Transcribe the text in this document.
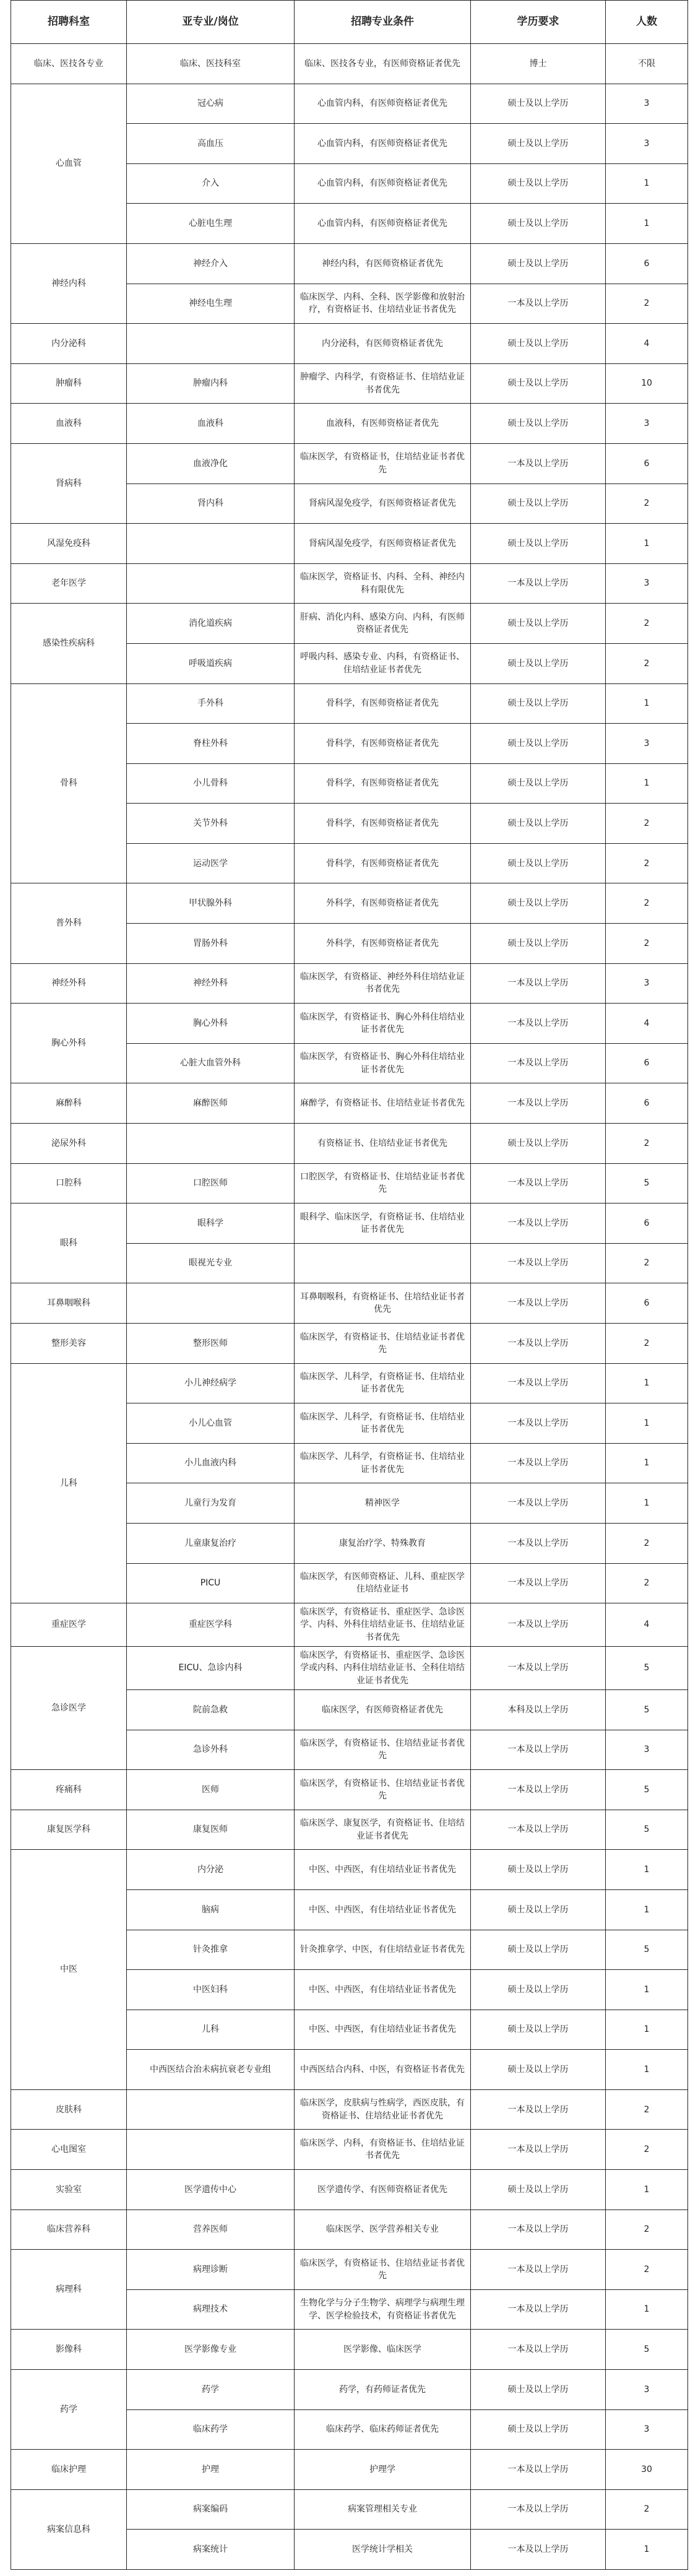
招聘科室	亚专业/岗位	招聘专业条件	学历要求	人数
临床、医技各专业	临床、医技科室	临床、医技各专业，有医师资格证者优先	博士	不限
心血管	冠心病	心血管内科，有医师资格证者优先	硕士及以上学历	3
	高血压	心血管内科，有医师资格证者优先	硕士及以上学历	3
	介入	心血管内科，有医师资格证者优先	硕士及以上学历	1
	心脏电生理	心血管内科，有医师资格证者优先	硕士及以上学历	1
神经内科	神经介入	神经内科，有医师资格证者优先	硕士及以上学历	6
	神经电生理	临床医学、内科、全科、医学影像和放射治疗，有资格证书、住培结业证书者优先	一本及以上学历	2
内分泌科		内分泌科，有医师资格证者优先	硕士及以上学历	4
肿瘤科	肿瘤内科	肿瘤学、内科学，有资格证书、住培结业证书者优先	硕士及以上学历	10
血液科	血液科	血液科，有医师资格证者优先	硕士及以上学历	3
肾病科	血液净化	临床医学，有资格证书，住培结业证书者优先	一本及以上学历	6
	肾内科	肾病风湿免疫学，有医师资格证者优先	硕士及以上学历	2
风湿免疫科		肾病风湿免疫学，有医师资格证者优先	硕士及以上学历	1
老年医学		临床医学，资格证书、内科、全科、神经内科有限优先	一本及以上学历	3
感染性疾病科	消化道疾病	肝病、消化内科、感染方向、内科，有医师资格证者优先	硕士及以上学历	2
	呼吸道疾病	呼吸内科、感染专业、内科，有资格证书、住培结业证书者优先	硕士及以上学历	2
骨科	手外科	骨科学，有医师资格证者优先	硕士及以上学历	1
	脊柱外科	骨科学，有医师资格证者优先	硕士及以上学历	3
	小儿骨科	骨科学，有医师资格证者优先	硕士及以上学历	1
	关节外科	骨科学，有医师资格证者优先	硕士及以上学历	2
	运动医学	骨科学，有医师资格证者优先	硕士及以上学历	2
普外科	甲状腺外科	外科学，有医师资格证者优先	硕士及以上学历	2
	胃肠外科	外科学，有医师资格证者优先	硕士及以上学历	2
神经外科	神经外科	临床医学，有资格证、神经外科住培结业证书者优先	一本及以上学历	3
胸心外科	胸心外科	临床医学，有资格证书、胸心外科住培结业证书者优先	一本及以上学历	4
	心脏大血管外科	临床医学，有资格证书、胸心外科住培结业证书者优先	一本及以上学历	6
麻醉科	麻醉医师	麻醉学，有资格证书、住培结业证书者优先	一本及以上学历	6
泌尿外科		有资格证书、住培结业证书者优先	硕士及以上学历	2
口腔科	口腔医师	口腔医学，有资格证书、住培结业证书者优先	一本及以上学历	5
眼科	眼科学	眼科学、临床医学，有资格证书、住培结业证书者优先	一本及以上学历	6
	眼视光专业		一本及以上学历	2
耳鼻咽喉科		耳鼻咽喉科，有资格证书、住培结业证书者优先	一本及以上学历	6
整形美容	整形医师	临床医学，有资格证书、住培结业证书者优先	一本及以上学历	2
儿科	小儿神经病学	临床医学、儿科学，有资格证书、住培结业证书者优先	一本及以上学历	1
	小儿心血管	临床医学、儿科学，有资格证书、住培结业证书者优先	一本及以上学历	1
	小儿血液内科	临床医学、儿科学，有资格证书、住培结业证书者优先	一本及以上学历	1
	儿童行为发育	精神医学	一本及以上学历	1
	儿童康复治疗	康复治疗学、特殊教育	一本及以上学历	2
	PICU	临床医学，有医师资格证、儿科、重症医学住培结业证书	一本及以上学历	2
重症医学	重症医学科	临床医学，有资格证书、重症医学、急诊医学、内科、外科住培结业证书、住培结业证书者优先	一本及以上学历	4
急诊医学	EICU、急诊内科	临床医学，有资格证书、重症医学、急诊医学或内科、内科住培结业证书、全科住培结业证书者优先	一本及以上学历	5
	院前急救	临床医学，有医师资格证者优先	本科及以上学历	5
	急诊外科	临床医学，有资格证书、住培结业证书者优先	一本及以上学历	3
疼痛科	医师	临床医学，有资格证书、住培结业证书者优先	一本及以上学历	5
康复医学科	康复医师	临床医学、康复医学，有资格证书、住培结业证书者优先	一本及以上学历	5
中医	内分泌	中医、中西医，有住培结业证书者优先	硕士及以上学历	1
	脑病	中医、中西医，有住培结业证书者优先	硕士及以上学历	1
	针灸推拿	针灸推拿学、中医，有住培结业证书者优先	硕士及以上学历	5
	中医妇科	中医、中西医，有住培结业证书者优先	硕士及以上学历	1
	儿科	中医、中西医，有住培结业证书者优先	硕士及以上学历	1
	中西医结合治未病抗衰老专业组	中西医结合内科、中医，有资格证书者优先	硕士及以上学历	1
皮肤科		临床医学，皮肤病与性病学，西医皮肤，有资格证书、住培结业证书者优先	一本及以上学历	2
心电图室		临床医学、内科，有资格证书、住培结业证书者优先	一本及以上学历	2
实验室	医学遗传中心	医学遗传学、有医师资格证者优先	硕士及以上学历	1
临床营养科	营养医师	临床医学、医学营养相关专业	一本及以上学历	2
病理科	病理诊断	临床医学，有资格证书、住培结业证书者优先	一本及以上学历	2
	病理技术	生物化学与分子生物学、病理学与病理生理学、医学检验技术，有资格证书者优先	一本及以上学历	1
影像科	医学影像专业	医学影像、临床医学	一本及以上学历	5
药学	药学	药学，有药师证者优先	硕士及以上学历	3
	临床药学	临床药学、临床药师证者优先	硕士及以上学历	3
临床护理	护理	护理学	一本及以上学历	30
病案信息科	病案编码	病案管理相关专业	一本及以上学历	2
	病案统计	医学统计学相关	一本及以上学历	1
